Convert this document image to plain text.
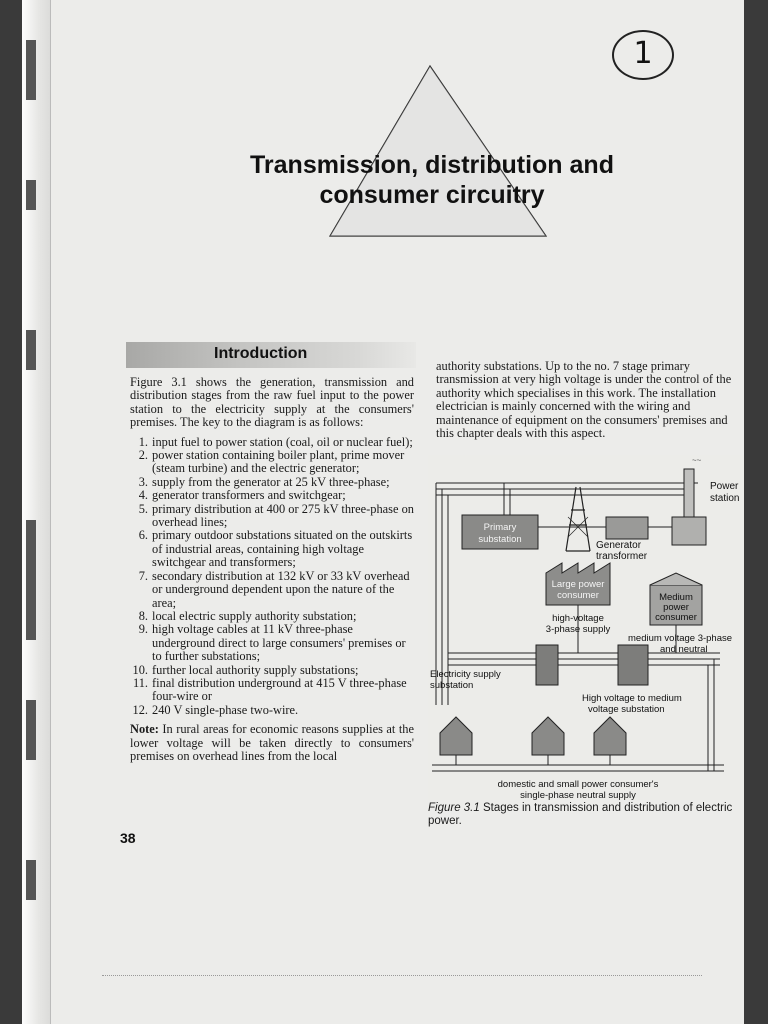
1
Transmission, distribution and consumer circuitry
Introduction

Figure 3.1 shows the generation, transmission and distribution stages from the raw fuel input to the power station to the electricity supply at the consumers' premises. The key to the diagram is as follows:

1. input fuel to power station (coal, oil or nuclear fuel);
2. power station containing boiler plant, prime mover (steam turbine) and the electric generator;
3. supply from the generator at 25 kV three-phase;
4. generator transformers and switchgear;
5. primary distribution at 400 or 275 kV three-phase on overhead lines;
6. primary outdoor substations situated on the outskirts of industrial areas, containing high voltage switchgear and transformers;
7. secondary distribution at 132 kV or 33 kV overhead or underground dependent upon the nature of the area;
8. local electric supply authority substation;
9. high voltage cables at 11 kV three-phase underground direct to large consumers' premises or to further substations;
10. further local authority supply substations;
11. final distribution underground at 415 V three-phase four-wire or
12. 240 V single-phase two-wire.

Note: In rural areas for economic reasons supplies at the lower voltage will be taken directly to consumers' premises on overhead lines from the local

38

authority substations. Up to the no. 7 stage primary transmission at very high voltage is under the control of the authority which specialises in this work. The installation electrician is mainly concerned with the wiring and maintenance of equipment on the consumers' premises and this chapter deals with this aspect.

Primary
substation
Generator
transformer
~~
Power
station
Large power
consumer
high-voltage
3-phase supply
Medium
power
consumer
medium voltage 3-phase
and neutral
Electricity supply
substation
High voltage to medium
voltage substation
domestic and small power consumer's
single-phase neutral supply

Figure 3.1 Stages in transmission and distribution of electric power.
